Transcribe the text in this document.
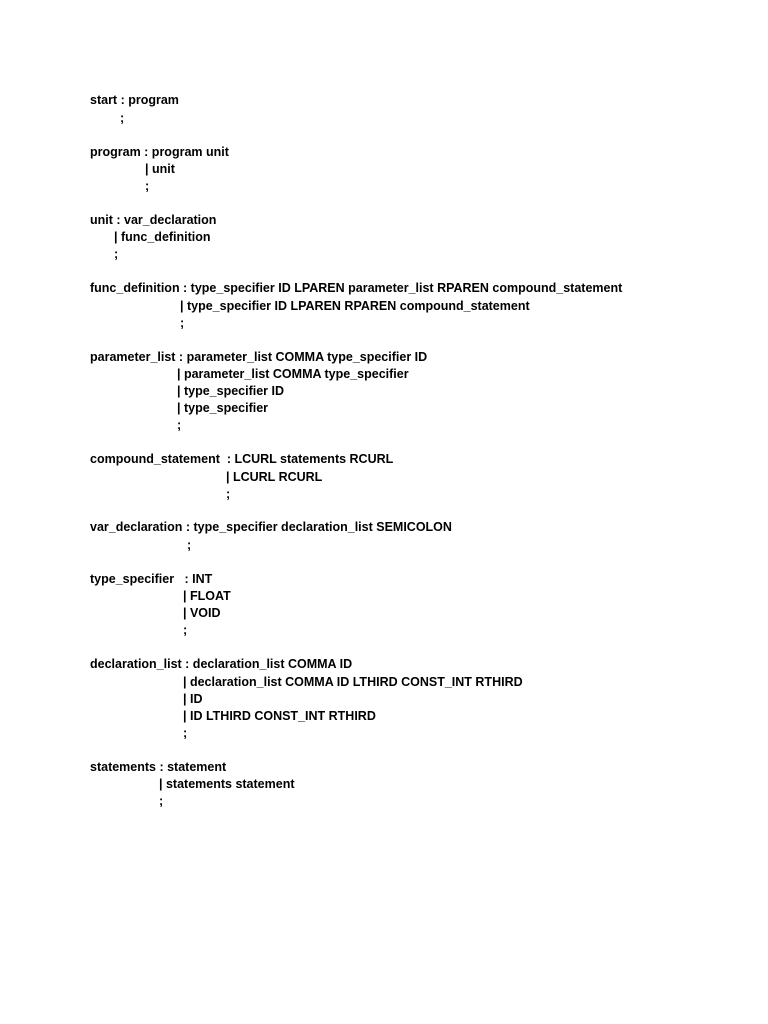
start : program
;
program : program unit
| unit
;
unit : var_declaration
| func_definition
;
func_definition : type_specifier ID LPAREN parameter_list RPAREN compound_statement
| type_specifier ID LPAREN RPAREN compound_statement
;
parameter_list : parameter_list COMMA type_specifier ID
| parameter_list COMMA type_specifier
| type_specifier ID
| type_specifier
;
compound_statement  : LCURL statements RCURL
| LCURL RCURL
;
var_declaration : type_specifier declaration_list SEMICOLON
;
type_specifier   : INT
| FLOAT
| VOID
;
declaration_list : declaration_list COMMA ID
| declaration_list COMMA ID LTHIRD CONST_INT RTHIRD
| ID
| ID LTHIRD CONST_INT RTHIRD
;
statements : statement
| statements statement
;
